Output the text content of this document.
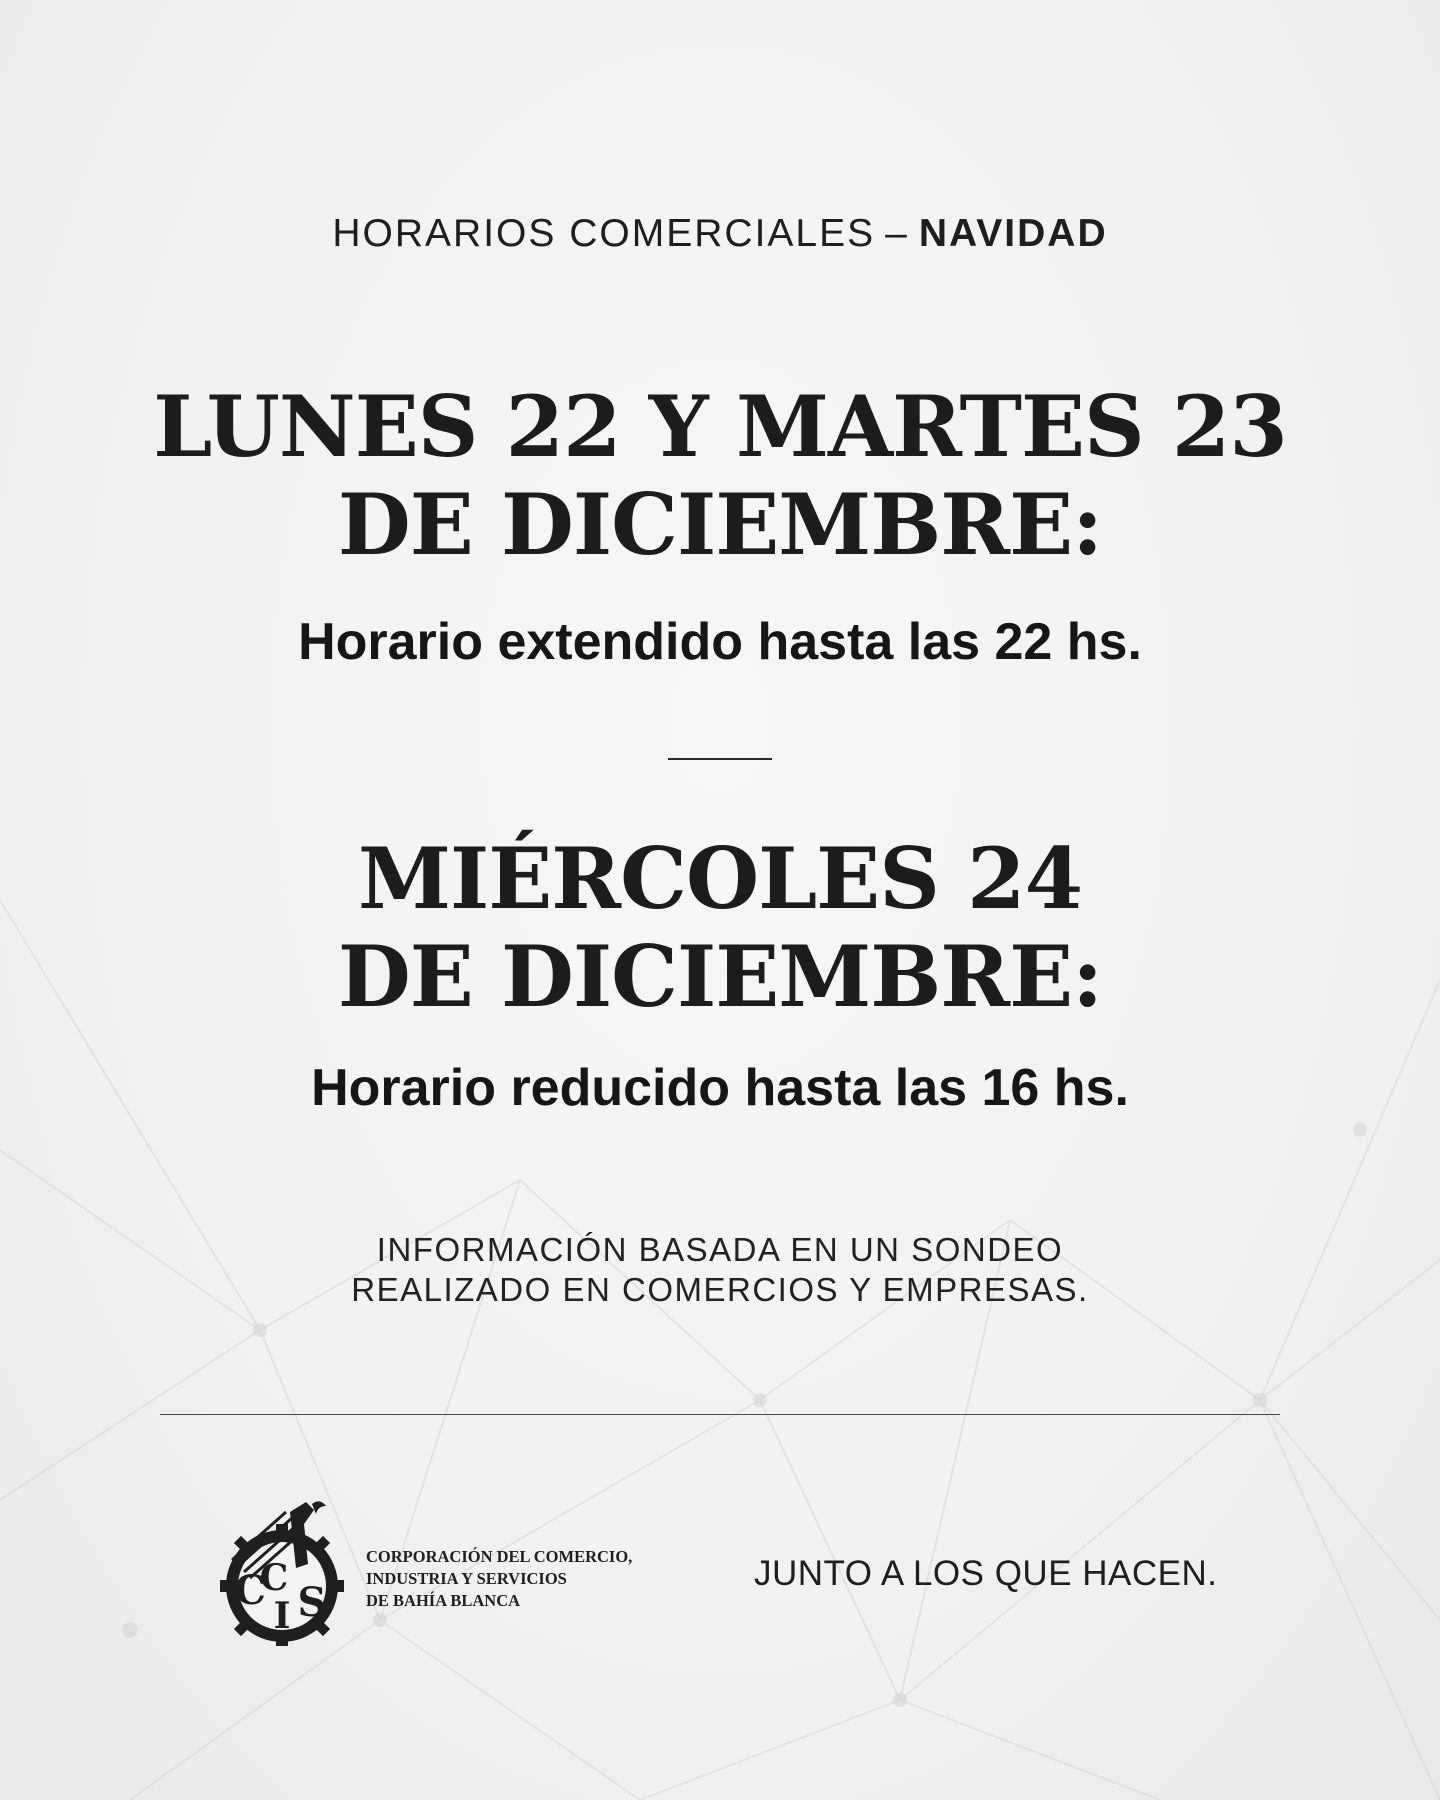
HORARIOS COMERCIALES – NAVIDAD
LUNES 22 Y MARTES 23
DE DICIEMBRE:
Horario extendido hasta las 22 hs.
MIÉRCOLES 24
DE DICIEMBRE:
Horario reducido hasta las 16 hs.
INFORMACIÓN BASADA EN UN SONDEO
REALIZADO EN COMERCIOS Y EMPRESAS.
C
C
I S
CORPORACIÓN DEL COMERCIO,
INDUSTRIA Y SERVICIOS
DE BAHÍA BLANCA
JUNTO A LOS QUE HACEN.
